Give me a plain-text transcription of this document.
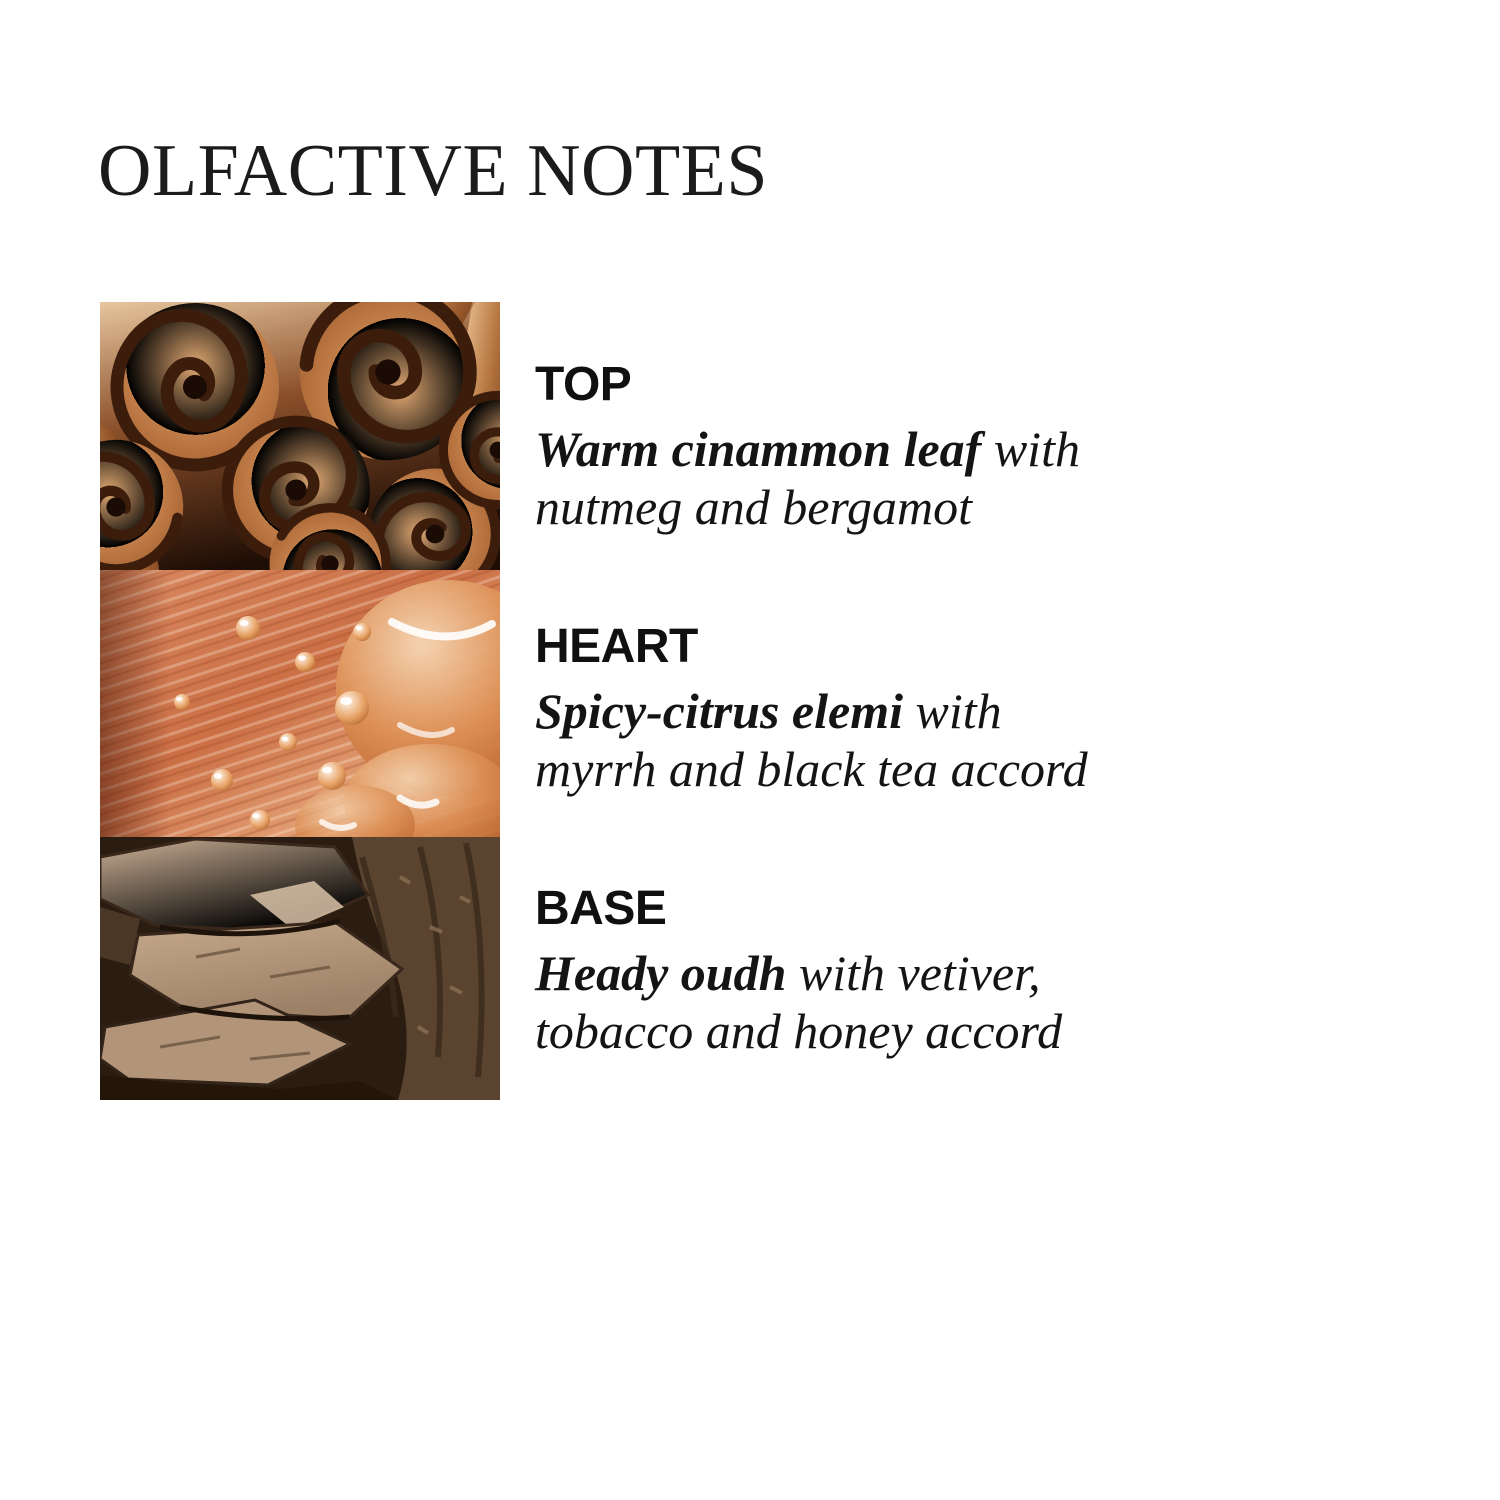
OLFACTIVE NOTES
TOP

Warm cinammon leaf with

nutmeg and bergamot

HEART

Spicy-citrus elemi with

myrrh and black tea accord

BASE

Heady oudh with vetiver,

tobacco and honey accord
